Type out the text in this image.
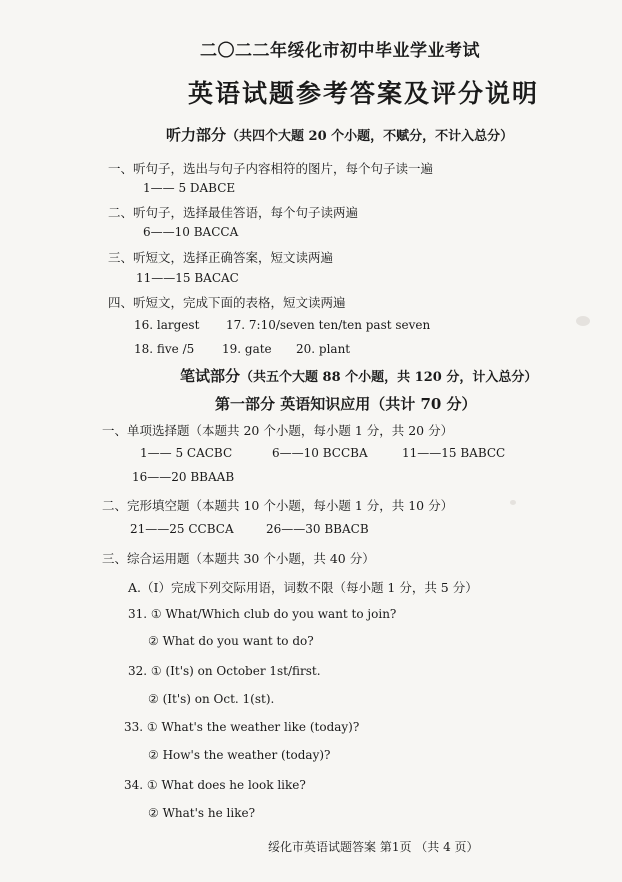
二〇二二年绥化市初中毕业学业考试
英语试题参考答案及评分说明
听力部分（共四个大题 20 个小题，不赋分，不计入总分）
一、听句子，选出与句子内容相符的图片，每个句子读一遍
1—— 5 DABCE
二、听句子，选择最佳答语，每个句子读两遍
6——10 BACCA
三、听短文，选择正确答案，短文读两遍
11——15 BACAC
四、听短文，完成下面的表格，短文读两遍
16. largest 17. 7:10/seven ten/ten past seven
18. five /5 19. gate 20. plant
笔试部分（共五个大题 88 个小题，共 120 分，计入总分）
第一部分 英语知识应用（共计 70 分）
一、单项选择题（本题共 20 个小题，每小题 1 分，共 20 分）
1—— 5 CACBC	6——10 BCCBA	11——15 BABCC
16——20 BBAAB
二、完形填空题（本题共 10 个小题，每小题 1 分，共 10 分）
21——25 CCBCA	26——30 BBACB
三、综合运用题（本题共 30 个小题，共 40 分）
A.（Ⅰ）完成下列交际用语，词数不限（每小题 1 分，共 5 分）
31. ① What/Which club do you want to join?
② What do you want to do?
32. ① (It's) on October 1st/first.
② (It's) on Oct. 1(st).
33. ① What's the weather like (today)?
② How's the weather (today)?
34. ① What does he look like?
② What's he like?
绥化市英语试题答案 第1页 （共 4 页）
